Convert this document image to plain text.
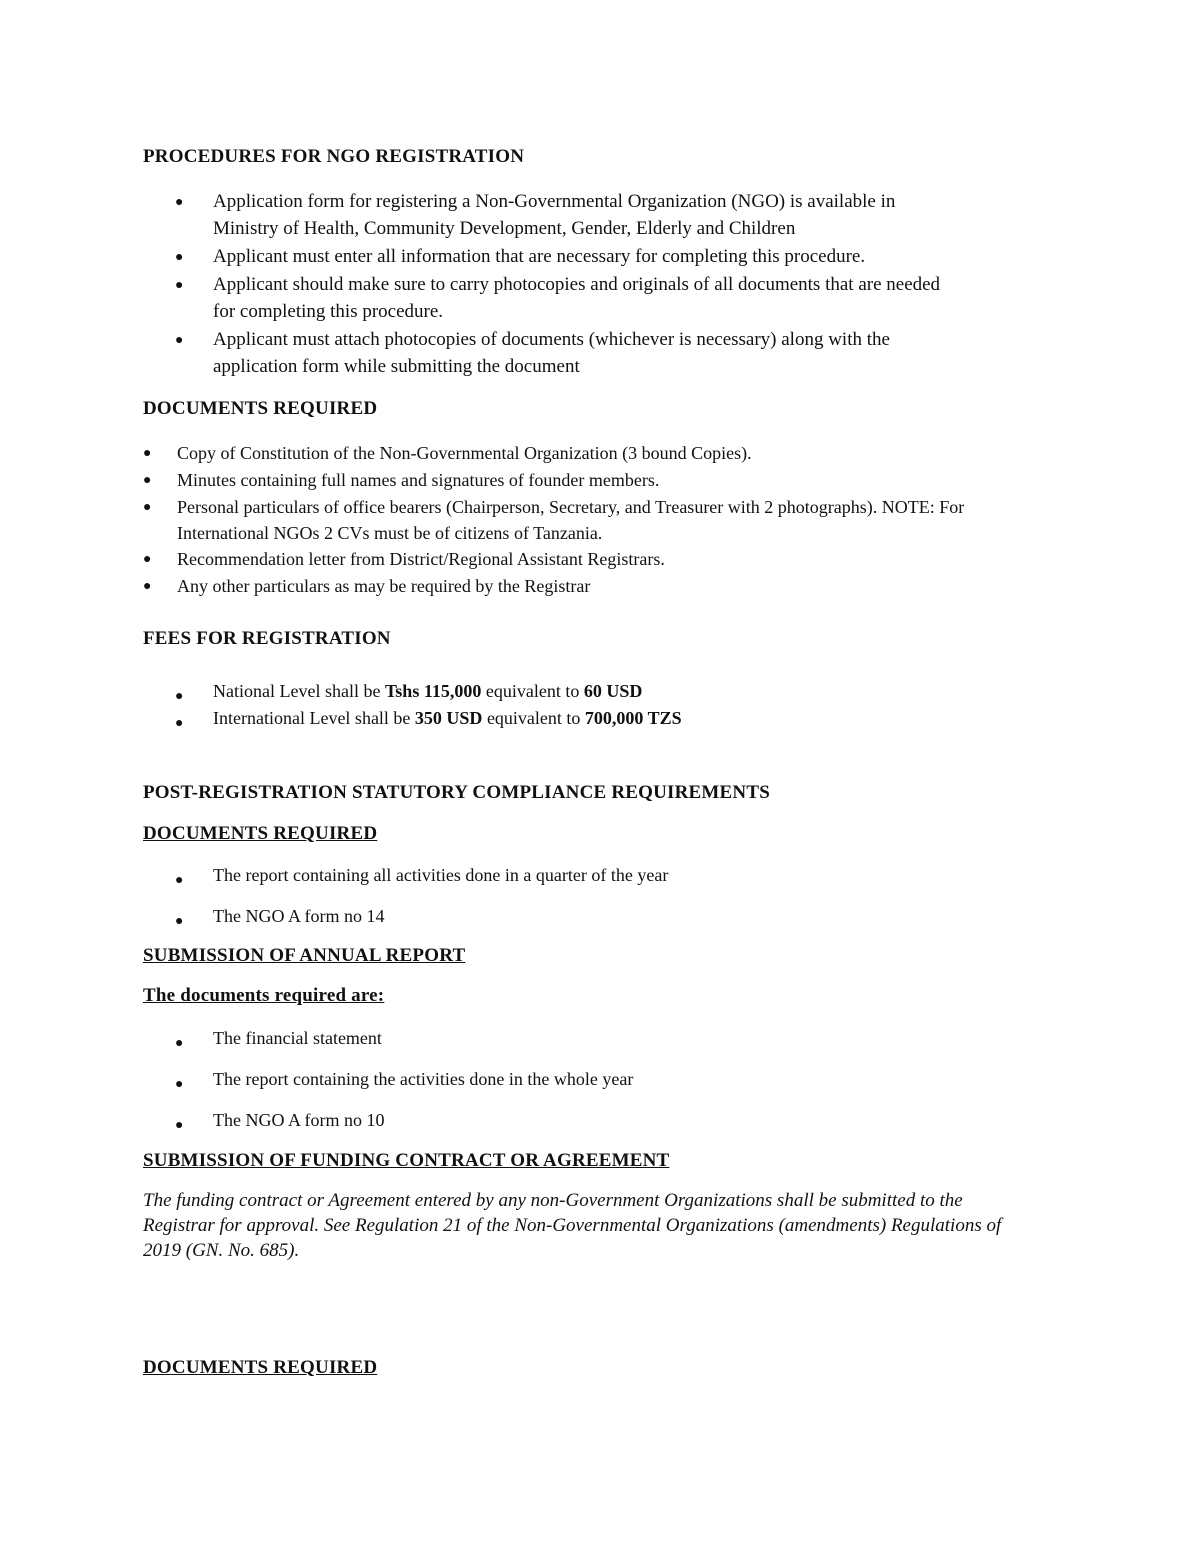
PROCEDURES FOR NGO REGISTRATION
● Application form for registering a Non-Governmental Organization (NGO) is available in
Ministry of Health, Community Development, Gender, Elderly and Children
● Applicant must enter all information that are necessary for completing this procedure.
● Applicant should make sure to carry photocopies and originals of all documents that are needed
for completing this procedure.
● Applicant must attach photocopies of documents (whichever is necessary) along with the
application form while submitting the document
DOCUMENTS REQUIRED
● Copy of Constitution of the Non-Governmental Organization (3 bound Copies).
● Minutes containing full names and signatures of founder members.
● Personal particulars of office bearers (Chairperson, Secretary, and Treasurer with 2 photographs). NOTE: For
International NGOs 2 CVs must be of citizens of Tanzania.
● Recommendation letter from District/Regional Assistant Registrars.
● Any other particulars as may be required by the Registrar
FEES FOR REGISTRATION
● National Level shall be Tshs 115,000 equivalent to 60 USD
● International Level shall be 350 USD equivalent to 700,000 TZS
POST-REGISTRATION STATUTORY COMPLIANCE REQUIREMENTS
DOCUMENTS REQUIRED
● The report containing all activities done in a quarter of the year
● The NGO A form no 14
SUBMISSION OF ANNUAL REPORT
The documents required are:
● The financial statement
● The report containing the activities done in the whole year
● The NGO A form no 10
SUBMISSION OF FUNDING CONTRACT OR AGREEMENT
The funding contract or Agreement entered by any non-Government Organizations shall be submitted to the
Registrar for approval. See Regulation 21 of the Non-Governmental Organizations (amendments) Regulations of
2019 (GN. No. 685).
DOCUMENTS REQUIRED
